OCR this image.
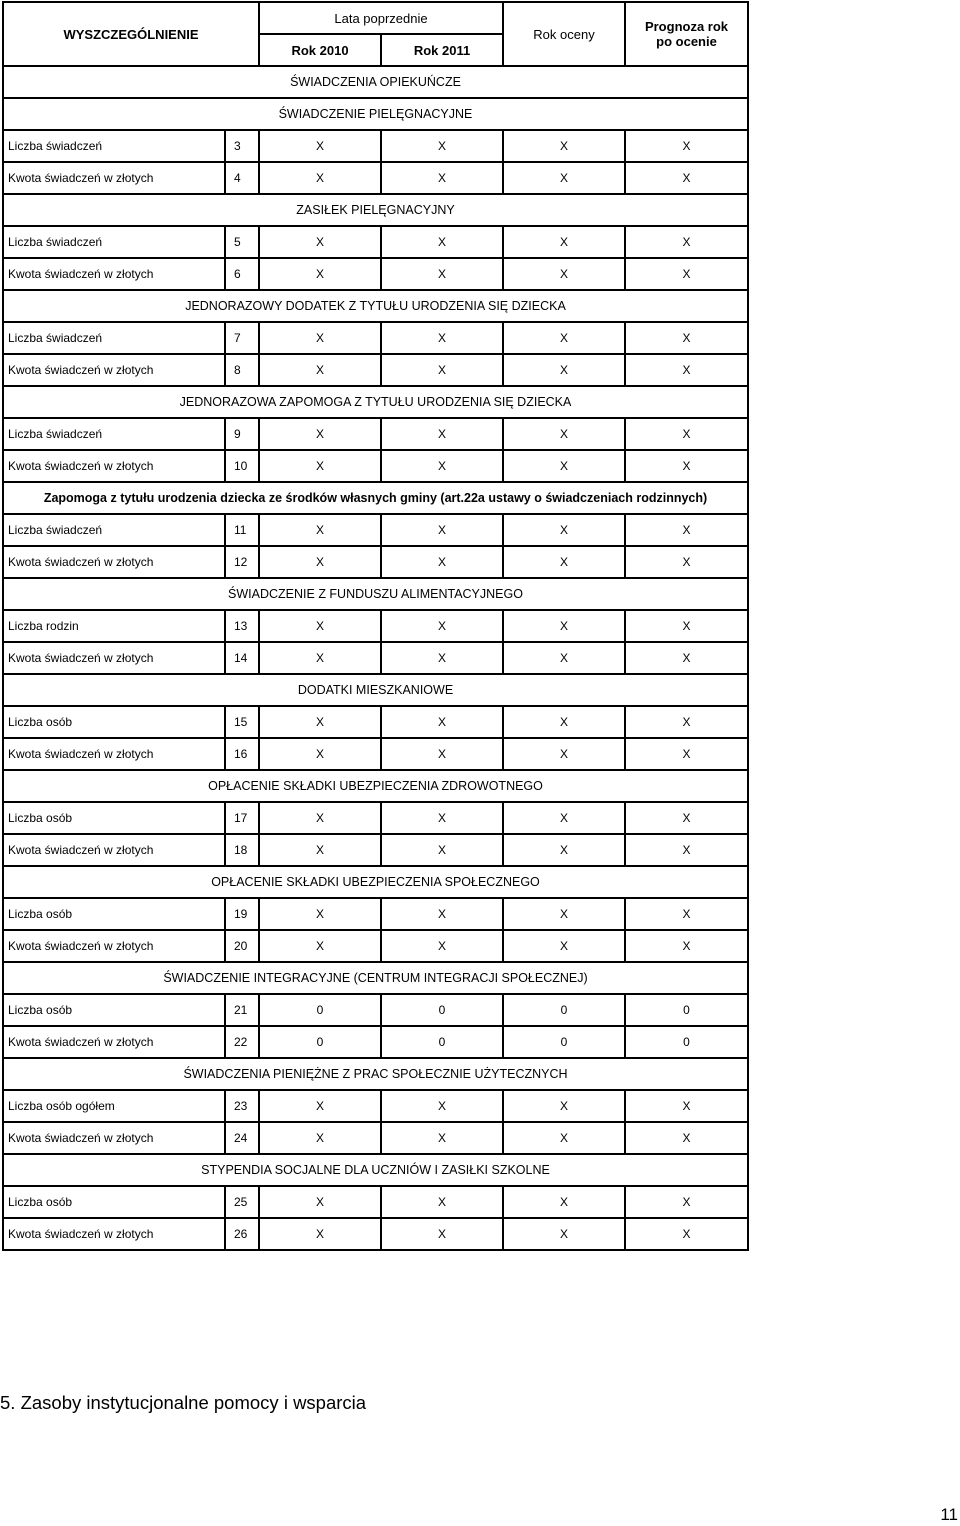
WYSZCZEGÓLNIENIE		Lata poprzednie		Rok oceny	Prognoza rok
po ocenie
		Rok 2010	Rok 2011		
ŚWIADCZENIA OPIEKUŃCZE					
ŚWIADCZENIE PIELĘGNACYJNE					
Liczba świadczeń	3	X	X	X	X
Kwota świadczeń w złotych	4	X	X	X	X
ZASIŁEK PIELĘGNACYJNY					
Liczba świadczeń	5	X	X	X	X
Kwota świadczeń w złotych	6	X	X	X	X
JEDNORAZOWY DODATEK Z TYTUŁU URODZENIA SIĘ DZIECKA					
Liczba świadczeń	7	X	X	X	X
Kwota świadczeń w złotych	8	X	X	X	X
JEDNORAZOWA ZAPOMOGA Z TYTUŁU URODZENIA SIĘ DZIECKA					
Liczba świadczeń	9	X	X	X	X
Kwota świadczeń w złotych	10	X	X	X	X
Zapomoga z tytułu urodzenia dziecka ze środków własnych gminy (art.22a ustawy o świadczeniach rodzinnych)					
Liczba świadczeń	11	X	X	X	X
Kwota świadczeń w złotych	12	X	X	X	X
ŚWIADCZENIE Z FUNDUSZU ALIMENTACYJNEGO					
Liczba rodzin	13	X	X	X	X
Kwota świadczeń w złotych	14	X	X	X	X
DODATKI MIESZKANIOWE					
Liczba osób	15	X	X	X	X
Kwota świadczeń w złotych	16	X	X	X	X
OPŁACENIE SKŁADKI UBEZPIECZENIA ZDROWOTNEGO					
Liczba osób	17	X	X	X	X
Kwota świadczeń w złotych	18	X	X	X	X
OPŁACENIE SKŁADKI UBEZPIECZENIA SPOŁECZNEGO					
Liczba osób	19	X	X	X	X
Kwota świadczeń w złotych	20	X	X	X	X
ŚWIADCZENIE INTEGRACYJNE (CENTRUM INTEGRACJI SPOŁECZNEJ)					
Liczba osób	21	0	0	0	0
Kwota świadczeń w złotych	22	0	0	0	0
ŚWIADCZENIA PIENIĘŻNE Z PRAC SPOŁECZNIE UŻYTECZNYCH					
Liczba osób ogółem	23	X	X	X	X
Kwota świadczeń w złotych	24	X	X	X	X
STYPENDIA SOCJALNE DLA UCZNIÓW I ZASIŁKI SZKOLNE					
Liczba osób	25	X	X	X	X
Kwota świadczeń w złotych	26	X	X	X	X
5. Zasoby instytucjonalne pomocy i wsparcia
11
